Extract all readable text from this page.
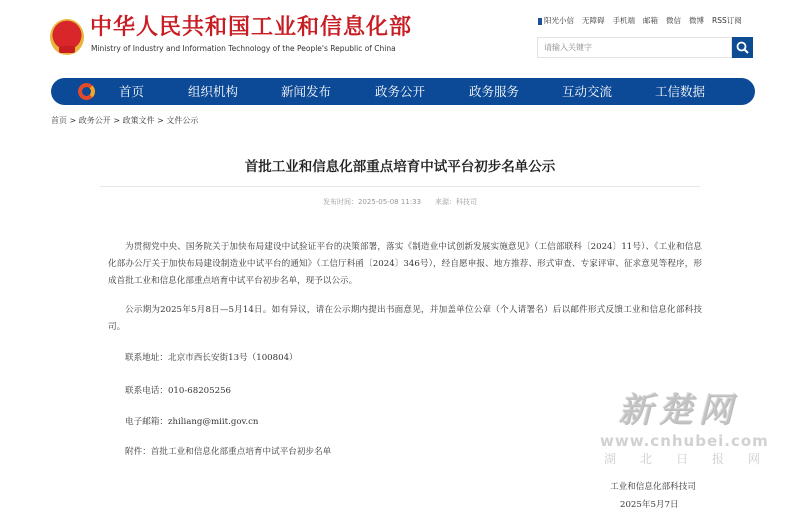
中华人民共和国工业和信息化部
Ministry of Industry and Information Technology of the People's Republic of China
阳光小信 无障碍 手机端 邮箱 微信 微博 RSS订阅
请输入关键字
首页	组织机构	新闻发布	政务公开	政务服务	互动交流	工信数据
首页 > 政务公开 > 政策文件 > 文件公示
首批工业和信息化部重点培育中试平台初步名单公示
发布时间：2025-05-08 11:33　　来源：科技司
为贯彻党中央、国务院关于加快布局建设中试验证平台的决策部署，落实《制造业中试创新发展实施意见》（工信部联科〔2024〕11号）、《工业和信息化部办公厅关于加快布局建设制造业中试平台的通知》（工信厅科函〔2024〕346号），经自愿申报、地方推荐、形式审查、专家评审、征求意见等程序，形成首批工业和信息化部重点培育中试平台初步名单，现予以公示。
公示期为2025年5月8日—5月14日。如有异议，请在公示期内提出书面意见，并加盖单位公章（个人请署名）后以邮件形式反馈工业和信息化部科技司。
联系地址：北京市西长安街13号（100804）
联系电话：010-68205256
电子邮箱：zhiliang@miit.gov.cn
附件：首批工业和信息化部重点培育中试平台初步名单
新楚网
www.cnhubei.com
湖北日报网
工业和信息化部科技司
2025年5月7日
